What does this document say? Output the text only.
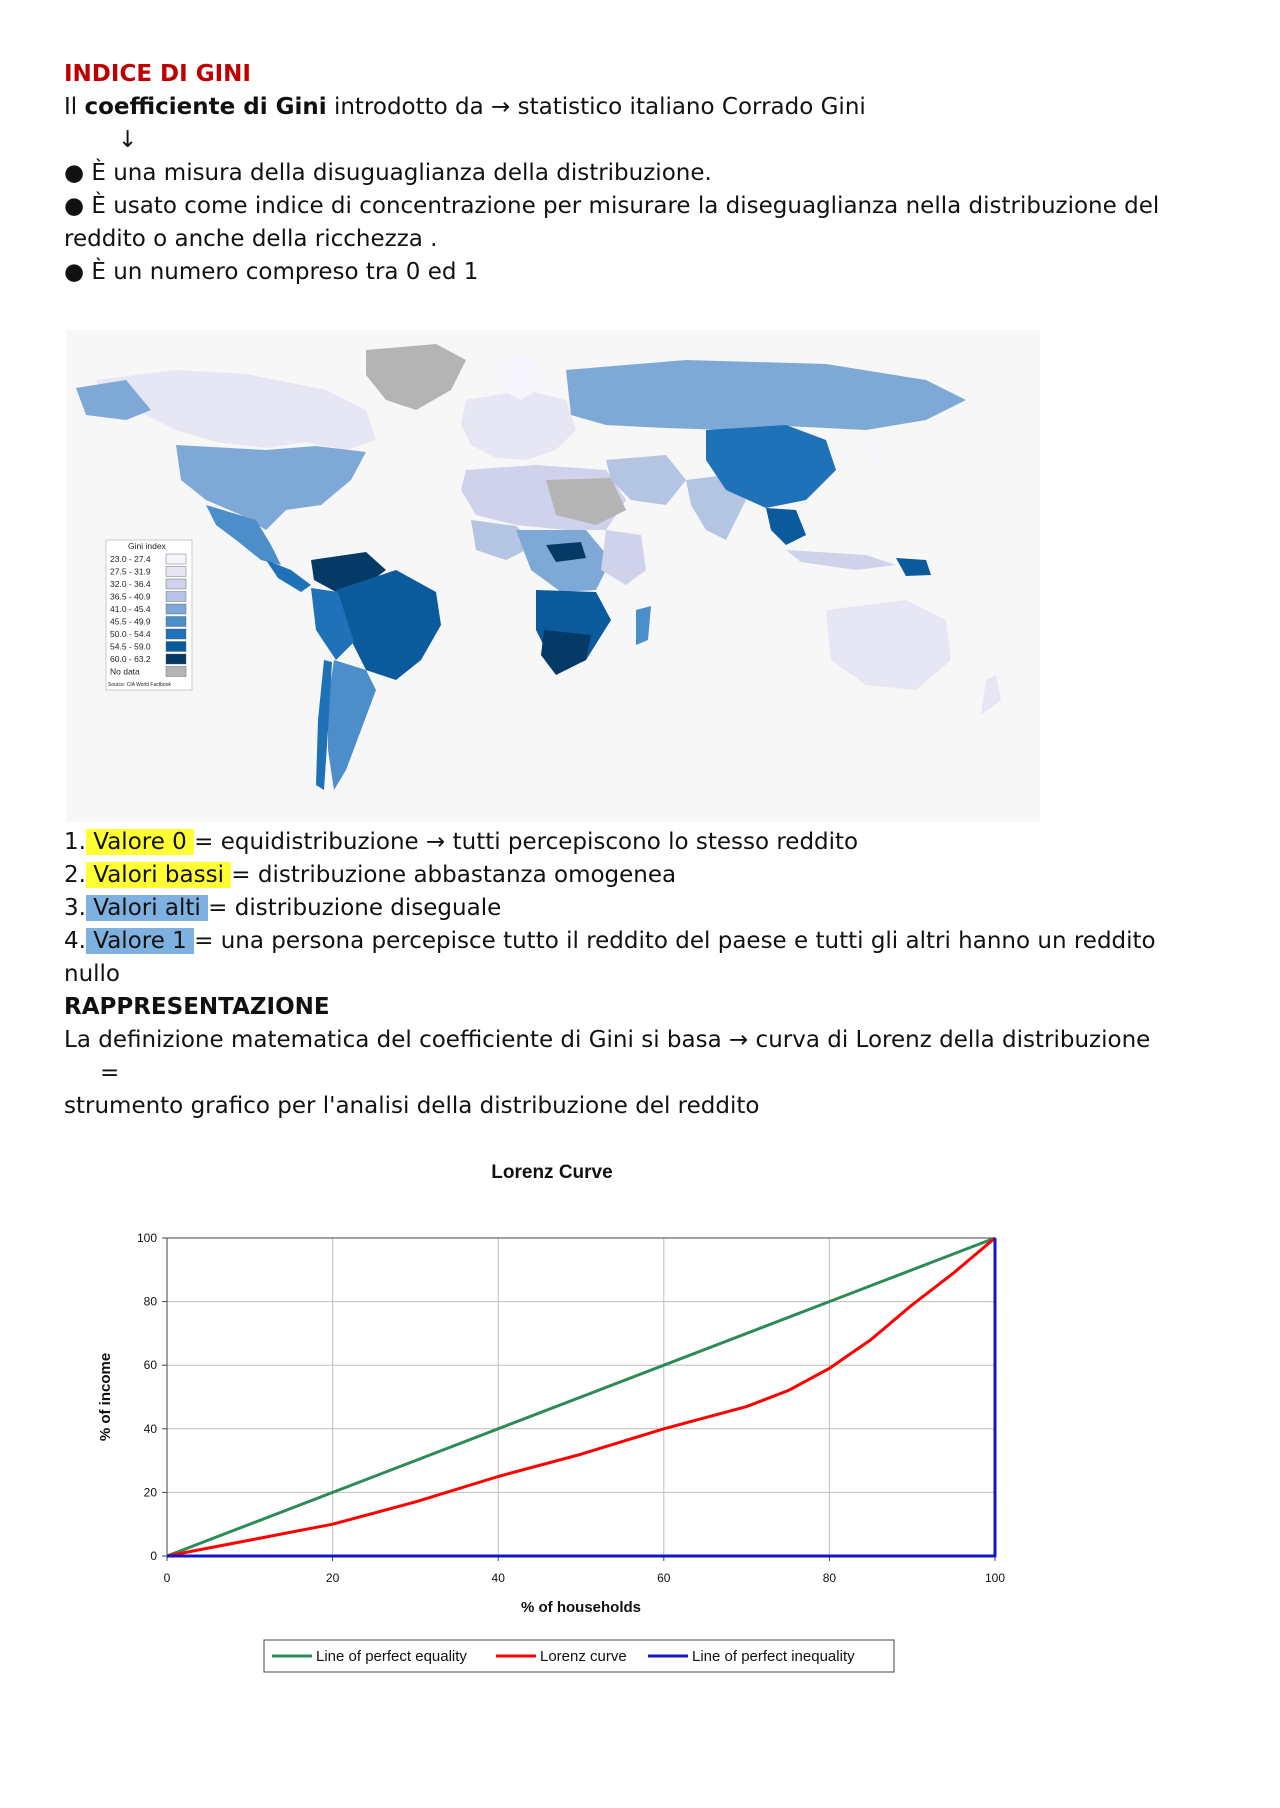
INDICE DI GINI
Il coefficiente di Gini introdotto da → statistico italiano Corrado Gini
↓
● È una misura della disuguaglianza della distribuzione.
● È usato come indice di concentrazione per misurare la diseguaglianza nella distribuzione del
reddito o anche della ricchezza .
● È un numero compreso tra 0 ed 1
Gini index
23.0 - 27.4
27.5 - 31.9
32.0 - 36.4
36.5 - 40.9
41.0 - 45.4
45.5 - 49.9
50.0 - 54.4
54.5 - 59.0
60.0 - 63.2
No data
Source: CIA World Factbook
1. Valore 0 = equidistribuzione → tutti percepiscono lo stesso reddito
2. Valori bassi = distribuzione abbastanza omogenea
3. Valori alti = distribuzione diseguale
4. Valore 1 = una persona percepisce tutto il reddito del paese e tutti gli altri hanno un reddito
nullo
RAPPRESENTAZIONE
La definizione matematica del coefficiente di Gini si basa → curva di Lorenz della distribuzione
=
strumento grafico per l'analisi della distribuzione del reddito
Lorenz Curve
0	20	40	60	80	100
0
20
40
60
80
100
% of households
% of income
Line of perfect equality	Lorenz curve	Line of perfect inequality
